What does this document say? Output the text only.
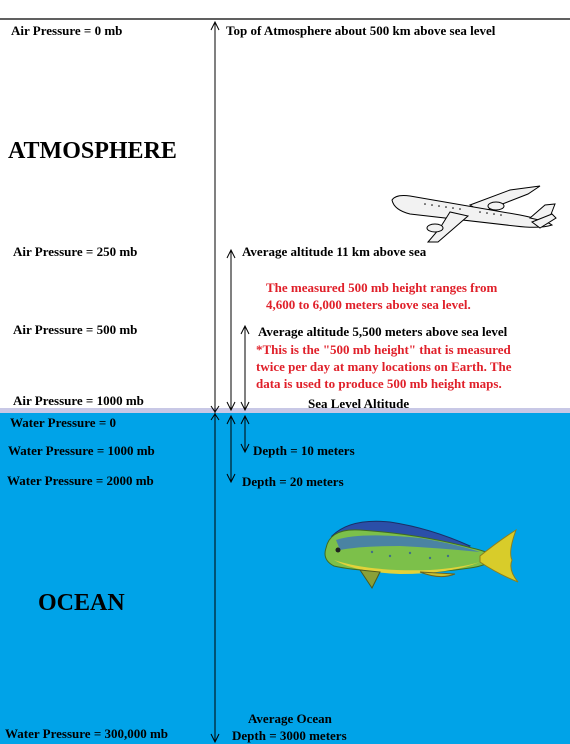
ATMOSPHERE
OCEAN
Air Pressure = 0 mb	Top of Atmosphere about 500 km above sea level
Air Pressure = 250 mb	Average altitude 11 km above sea
The measured 500 mb height ranges from
4,600 to 6,000 meters above sea level.
Air Pressure = 500 mb	Average altitude 5,500 meters above sea level
*This is the "500 mb height" that is measured
twice per day at many locations on Earth. The
data is used to produce 500 mb height maps.
Air Pressure = 1000 mb	Sea Level Altitude
Water Pressure = 0
Water Pressure = 1000 mb	Depth = 10 meters
Water Pressure = 2000 mb	Depth = 20 meters
Water Pressure = 300,000 mb
Average Ocean
Depth = 3000 meters
